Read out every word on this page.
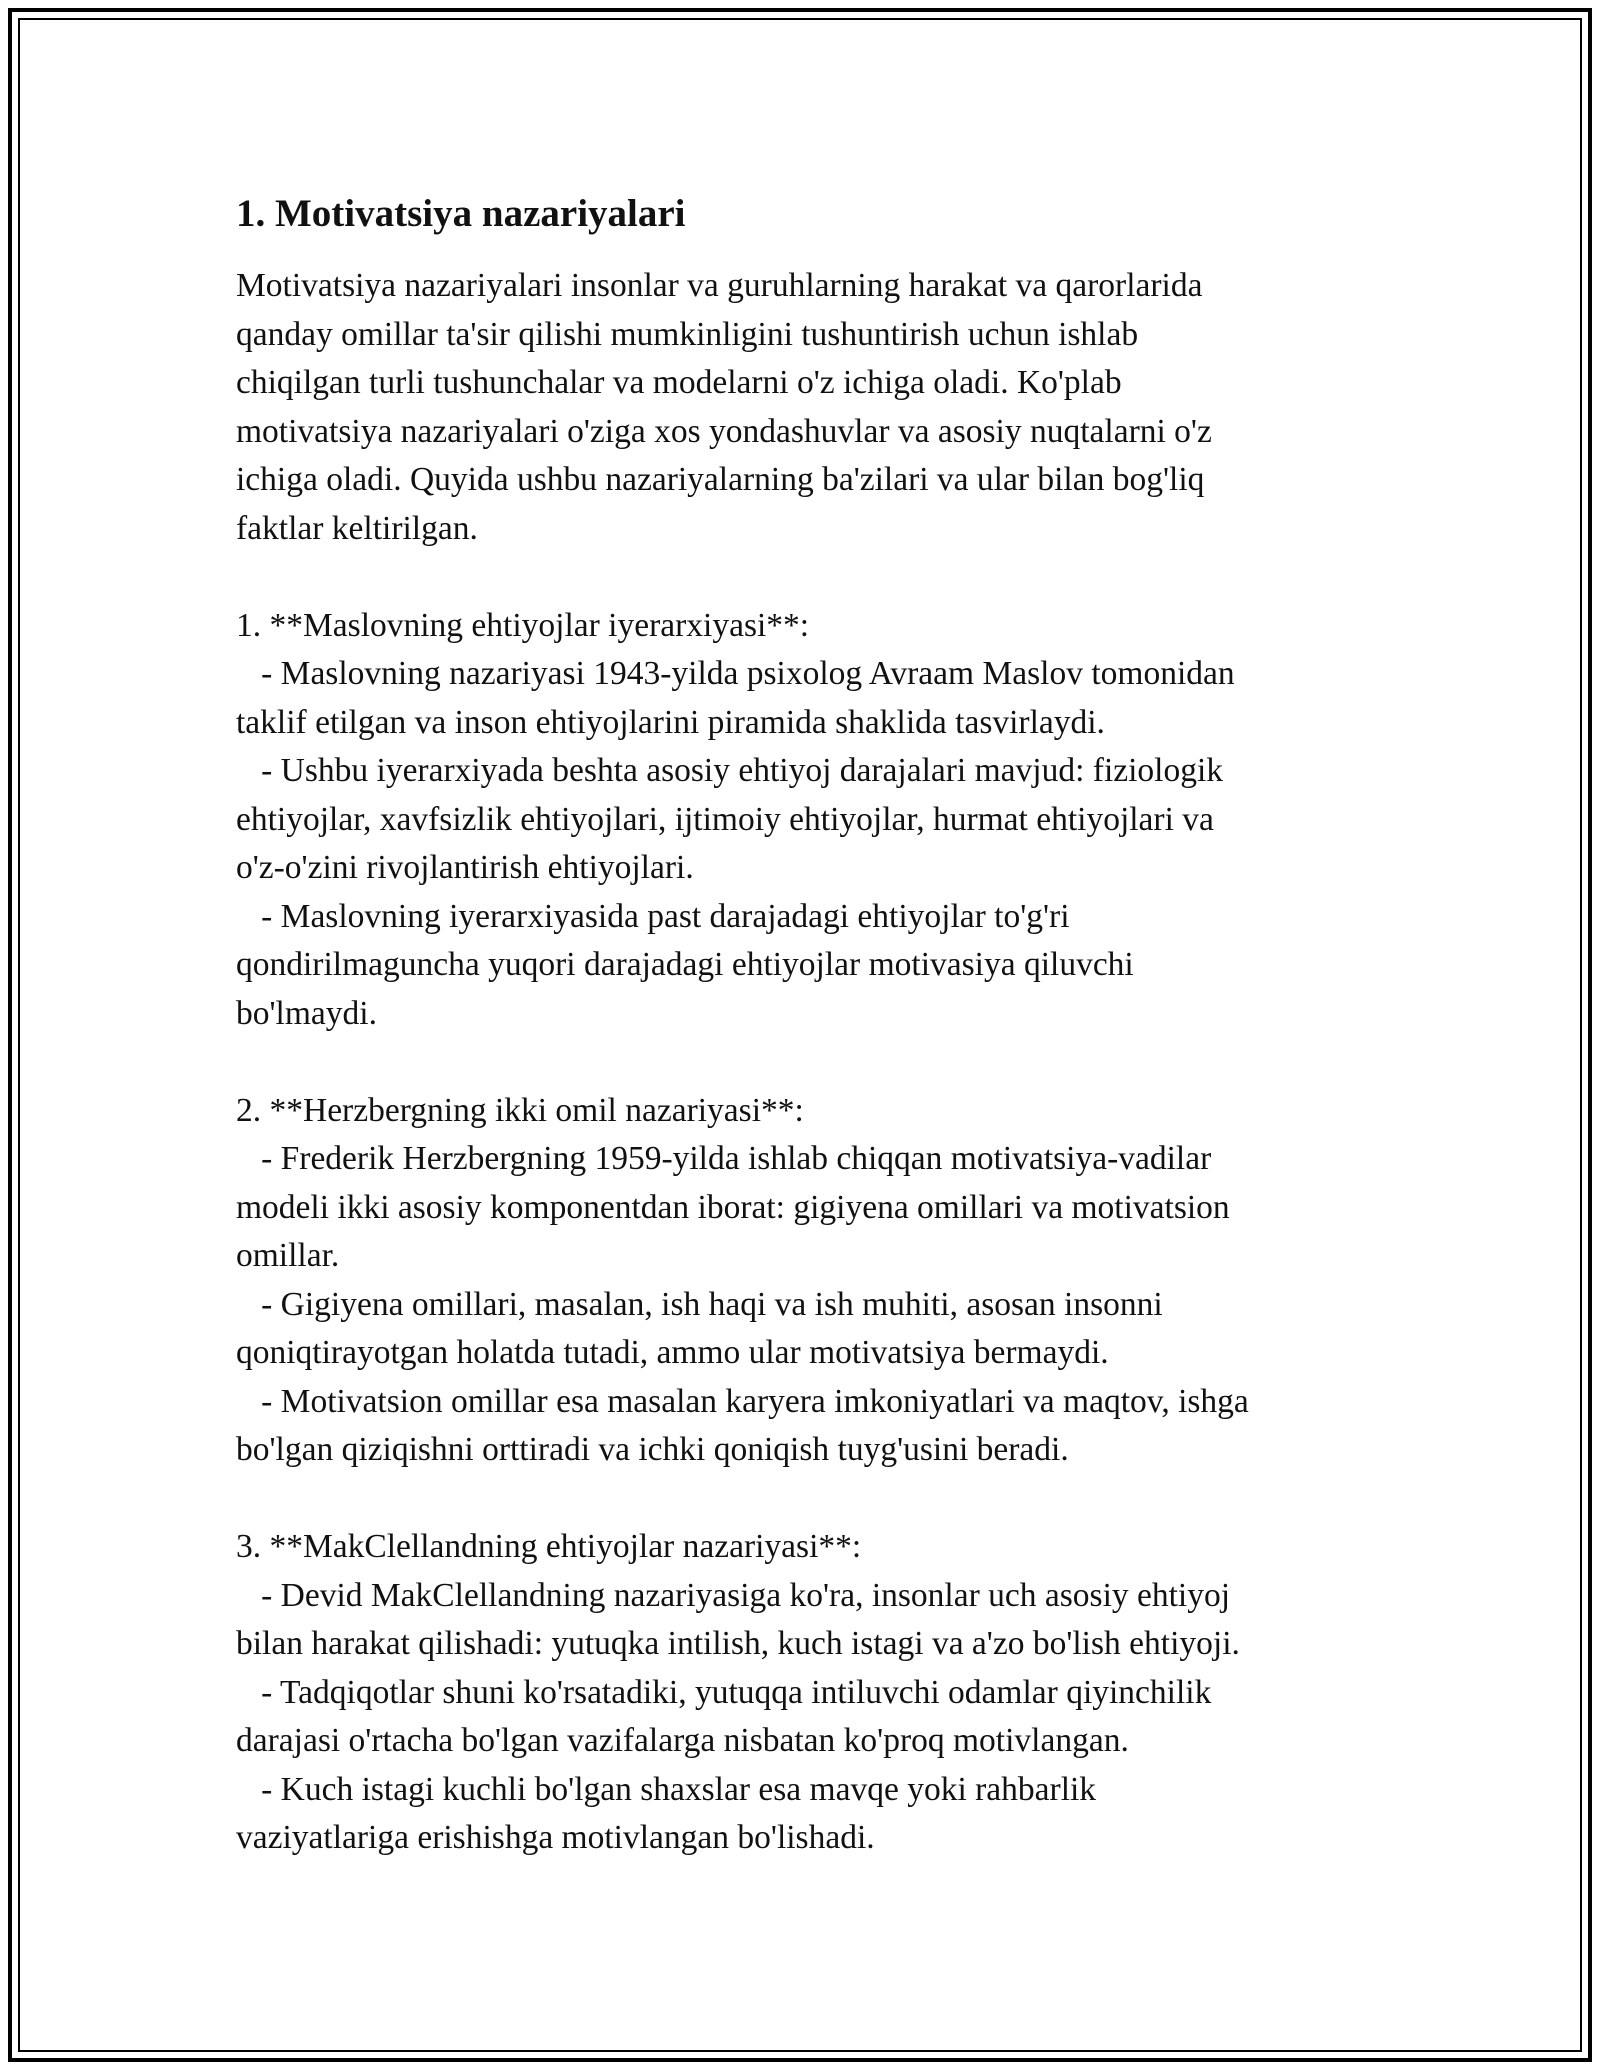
1. Motivatsiya nazariyalari

Motivatsiya nazariyalari insonlar va guruhlarning harakat va qarorlarida
qanday omillar ta'sir qilishi mumkinligini tushuntirish uchun ishlab
chiqilgan turli tushunchalar va modelarni o'z ichiga oladi. Ko'plab
motivatsiya nazariyalari o'ziga xos yondashuvlar va asosiy nuqtalarni o'z
ichiga oladi. Quyida ushbu nazariyalarning ba'zilari va ular bilan bog'liq
faktlar keltirilgan.

1. **Maslovning ehtiyojlar iyerarxiyasi**:

- Maslovning nazariyasi 1943-yilda psixolog Avraam Maslov tomonidan
taklif etilgan va inson ehtiyojlarini piramida shaklida tasvirlaydi.

- Ushbu iyerarxiyada beshta asosiy ehtiyoj darajalari mavjud: fiziologik
ehtiyojlar, xavfsizlik ehtiyojlari, ijtimoiy ehtiyojlar, hurmat ehtiyojlari va
o'z-o'zini rivojlantirish ehtiyojlari.

- Maslovning iyerarxiyasida past darajadagi ehtiyojlar to'g'ri
qondirilmaguncha yuqori darajadagi ehtiyojlar motivasiya qiluvchi
bo'lmaydi.

2. **Herzbergning ikki omil nazariyasi**:

- Frederik Herzbergning 1959-yilda ishlab chiqqan motivatsiya-vadilar
modeli ikki asosiy komponentdan iborat: gigiyena omillari va motivatsion
omillar.

- Gigiyena omillari, masalan, ish haqi va ish muhiti, asosan insonni
qoniqtirayotgan holatda tutadi, ammo ular motivatsiya bermaydi.

- Motivatsion omillar esa masalan karyera imkoniyatlari va maqtov, ishga
bo'lgan qiziqishni orttiradi va ichki qoniqish tuyg'usini beradi.

3. **MakClellandning ehtiyojlar nazariyasi**:

- Devid MakClellandning nazariyasiga ko'ra, insonlar uch asosiy ehtiyoj
bilan harakat qilishadi: yutuqka intilish, kuch istagi va a'zo bo'lish ehtiyoji.

- Tadqiqotlar shuni ko'rsatadiki, yutuqqa intiluvchi odamlar qiyinchilik
darajasi o'rtacha bo'lgan vazifalarga nisbatan ko'proq motivlangan.

- Kuch istagi kuchli bo'lgan shaxslar esa mavqe yoki rahbarlik
vaziyatlariga erishishga motivlangan bo'lishadi.
